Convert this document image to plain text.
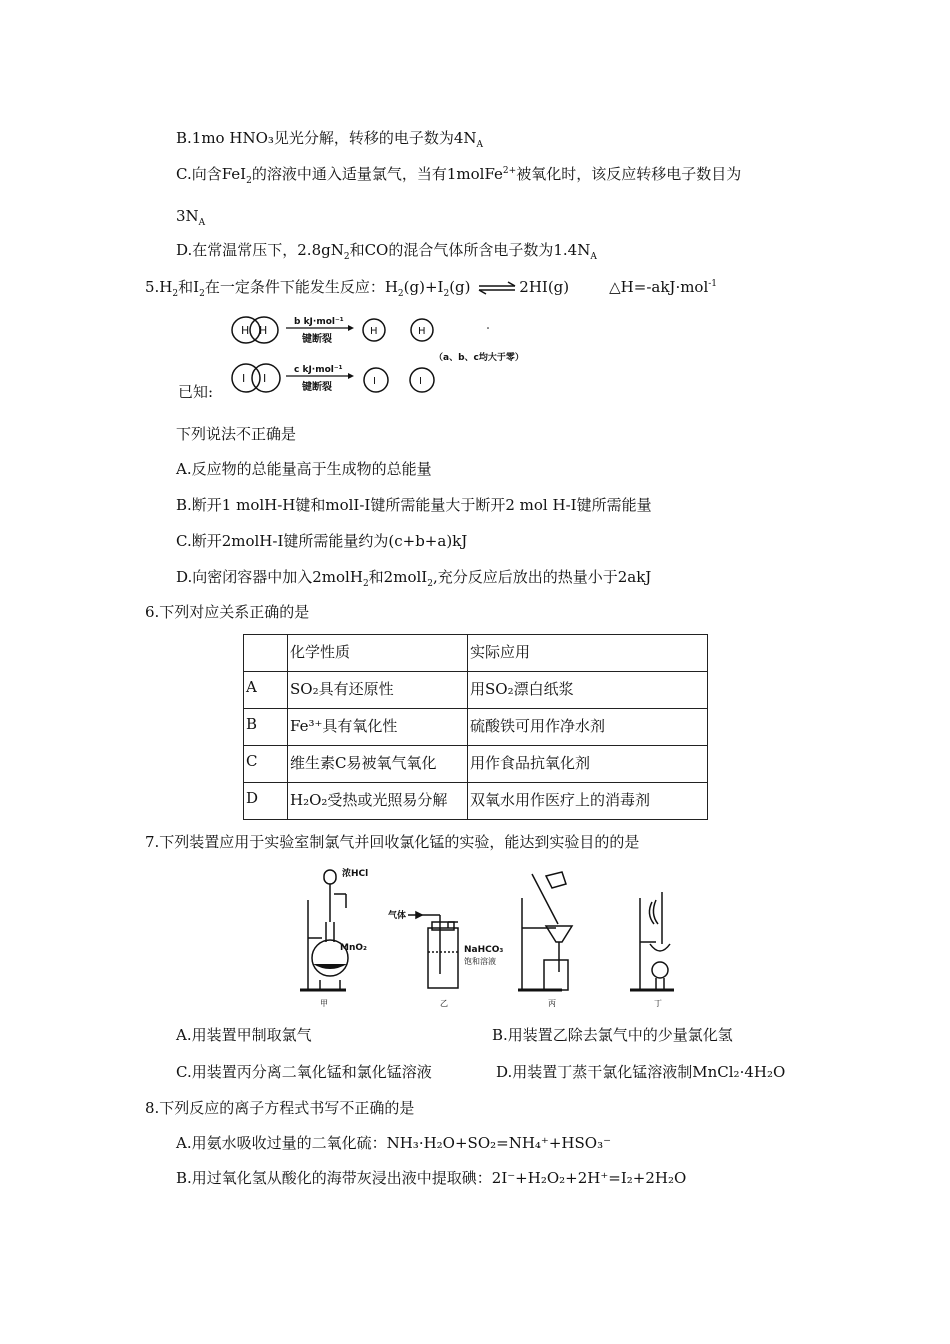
B.1mo HNO₃见光分解，转移的电子数为$4N_A$
C.向含FeI$_2$的溶液中通入适量氯气，当有1molFe$^{2+}$被氧化时，该反应转移电子数目为
$3N_A$
D.在常温常压下，$2.8gN_2$和CO的混合气体所含电子数为$1.4N_A$
$5.H_2$和$I_2$在一定条件下能发生反应：$H_2(g)+I_2(g)$ ⇌ 2HI(g)	△H=-akJ·mol$^{-1}$
H H
b kJ·mol⁻¹
键断裂
H	H
I I
c kJ·mol⁻¹
键断裂
I	I
（a、b、c均大于零）
已知:
下列说法不正确是
A.反应物的总能量高于生成物的总能量
B.断开1 molH-H键和molI-I键所需能量大于断开2 mol H-I键所需能量
C.断开2molH-I键所需能量约为(c+b+a)kJ
D.向密闭容器中加入2molH$_2$和2molI$_2$,充分反应后放出的热量小于2akJ
6.下列对应关系正确的是
	化学性质	实际应用
A	SO₂具有还原性	用SO₂漂白纸浆
B	Fe³⁺具有氧化性	硫酸铁可用作净水剂
C	维生素C易被氧气氧化	用作食品抗氧化剂
D	H₂O₂受热或光照易分解	双氧水用作医疗上的消毒剂
7.下列装置应用于实验室制氯气并回收氯化锰的实验，能达到实验目的的是
浓HCl
MnO₂
甲
气体
NaHCO₃
饱和溶液
乙	丙	丁
A.用装置甲制取氯气	B.用装置乙除去氯气中的少量氯化氢
C.用装置丙分离二氧化锰和氯化锰溶液	D.用装置丁蒸干氯化锰溶液制MnCl₂·4H₂O
8.下列反应的离子方程式书写不正确的是
A.用氨水吸收过量的二氧化硫：NH₃·H₂O+SO₂=NH₄⁺+HSO₃⁻
B.用过氧化氢从酸化的海带灰浸出液中提取碘：2I⁻+H₂O₂+2H⁺=I₂+2H₂O
